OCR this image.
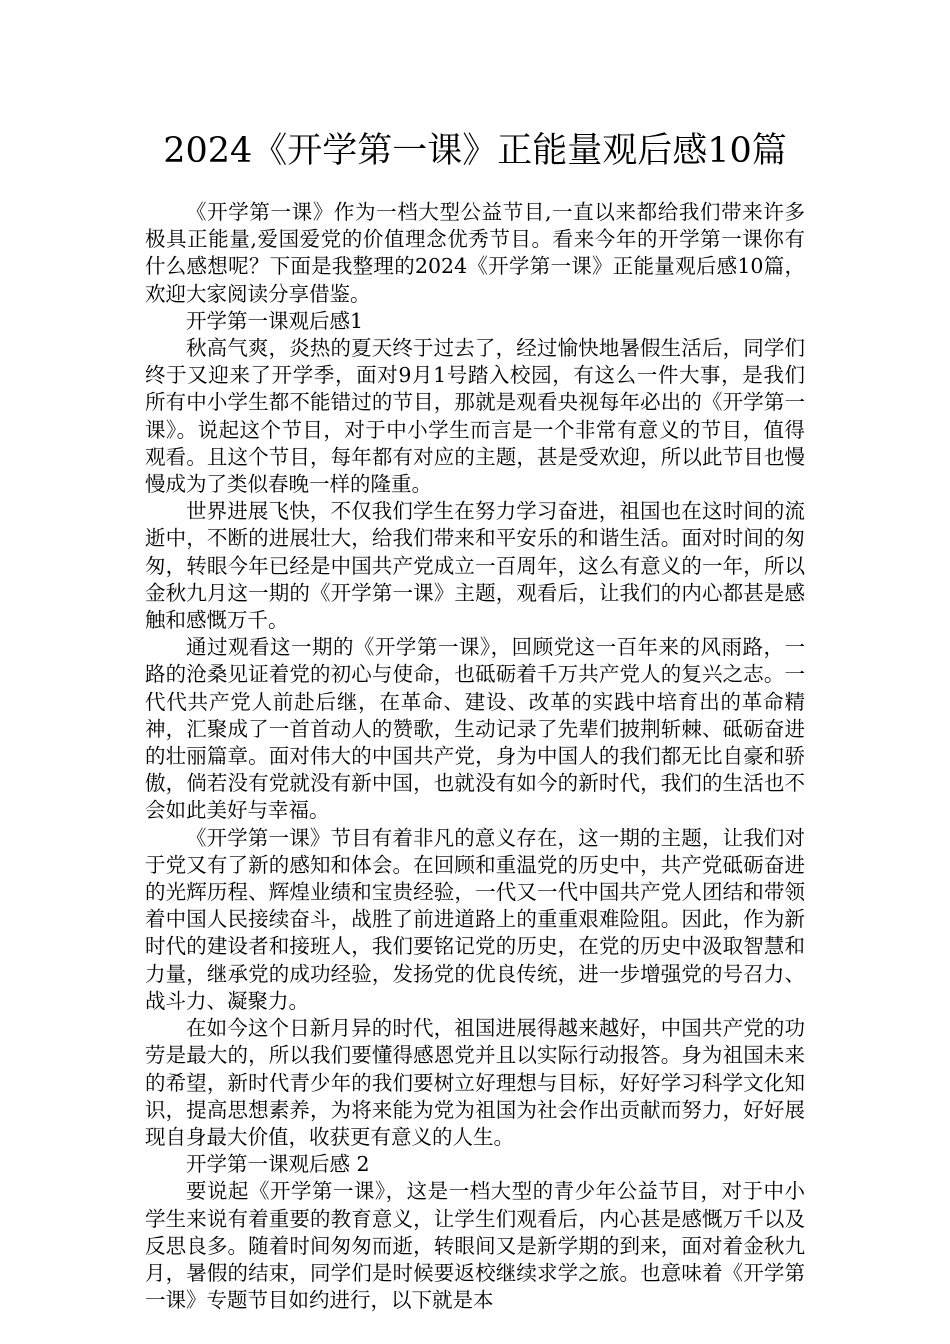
2024《开学第一课》正能量观后感10篇

《开学第一课》作为一档大型公益节目,一直以来都给我们带来许多极具正能量,爱国爱党的价值理念优秀节目。看来今年的开学第一课你有什么感想呢？下面是我整理的2024《开学第一课》正能量观后感10篇，欢迎大家阅读分享借鉴。

开学第一课观后感1

秋高气爽，炎热的夏天终于过去了，经过愉快地暑假生活后，同学们终于又迎来了开学季，面对9月1号踏入校园，有这么一件大事，是我们所有中小学生都不能错过的节目，那就是观看央视每年必出的《开学第一课》。说起这个节目，对于中小学生而言是一个非常有意义的节目，值得观看。且这个节目，每年都有对应的主题，甚是受欢迎，所以此节目也慢慢成为了类似春晚一样的隆重。

世界进展飞快，不仅我们学生在努力学习奋进，祖国也在这时间的流逝中，不断的进展壮大，给我们带来和平安乐的和谐生活。面对时间的匆匆，转眼今年已经是中国共产党成立一百周年，这么有意义的一年，所以金秋九月这一期的《开学第一课》主题，观看后，让我们的内心都甚是感触和感慨万千。

通过观看这一期的《开学第一课》，回顾党这一百年来的风雨路，一路的沧桑见证着党的初心与使命，也砥砺着千万共产党人的复兴之志。一代代共产党人前赴后继，在革命、建设、改革的实践中培育出的革命精神，汇聚成了一首首动人的赞歌，生动记录了先辈们披荆斩棘、砥砺奋进的壮丽篇章。面对伟大的中国共产党，身为中国人的我们都无比自豪和骄傲，倘若没有党就没有新中国，也就没有如今的新时代，我们的生活也不会如此美好与幸福。

《开学第一课》节目有着非凡的意义存在，这一期的主题，让我们对于党又有了新的感知和体会。在回顾和重温党的历史中，共产党砥砺奋进的光辉历程、辉煌业绩和宝贵经验，一代又一代中国共产党人团结和带领着中国人民接续奋斗，战胜了前进道路上的重重艰难险阻。因此，作为新时代的建设者和接班人，我们要铭记党的历史，在党的历史中汲取智慧和力量，继承党的成功经验，发扬党的优良传统，进一步增强党的号召力、战斗力、凝聚力。

在如今这个日新月异的时代，祖国进展得越来越好，中国共产党的功劳是最大的，所以我们要懂得感恩党并且以实际行动报答。身为祖国未来的希望，新时代青少年的我们要树立好理想与目标，好好学习科学文化知识，提高思想素养，为将来能为党为祖国为社会作出贡献而努力，好好展现自身最大价值，收获更有意义的人生。

开学第一课观后感 2

要说起《开学第一课》，这是一档大型的青少年公益节目，对于中小学生来说有着重要的教育意义，让学生们观看后，内心甚是感慨万千以及反思良多。随着时间匆匆而逝，转眼间又是新学期的到来，面对着金秋九月，暑假的结束，同学们是时候要返校继续求学之旅。也意味着《开学第一课》专题节目如约进行，以下就是本
